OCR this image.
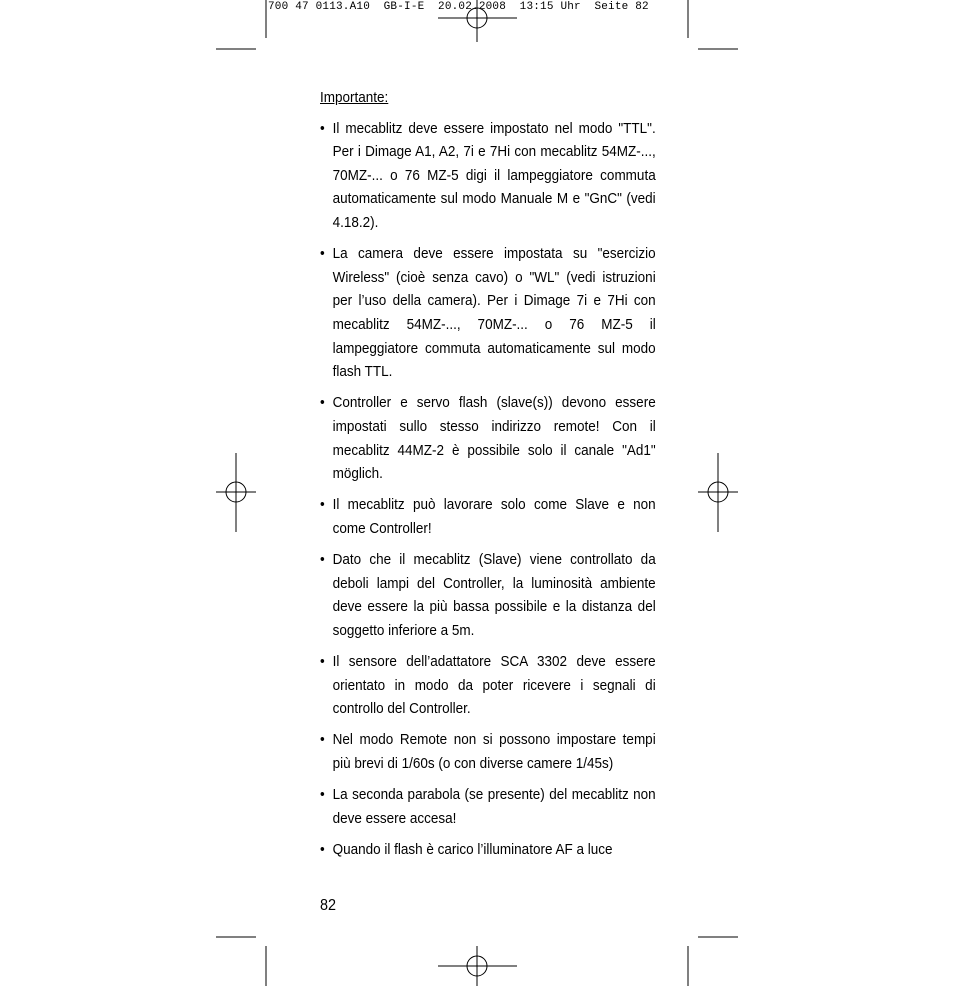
700 47 0113.A10  GB-I-E  20.02.2008  13:15 Uhr  Seite 82
Importante:
• Il mecablitz deve essere impostato nel modo "TTL". Per i Dimage A1, A2, 7i e 7Hi con mecablitz 54MZ-..., 70MZ-... o 76 MZ-5 digi il lampeggiatore commuta automaticamente sul modo Manuale M e "GnC" (vedi 4.18.2).
• La camera deve essere impostata su "esercizio Wireless" (cioè senza cavo) o "WL" (vedi istruzioni per l’uso della camera). Per i Dimage 7i e 7Hi con mecablitz 54MZ-..., 70MZ-... o 76 MZ-5 il lampeggiatore commuta automaticamente sul modo flash TTL.
• Controller e servo flash (slave(s)) devono essere impostati sullo stesso indirizzo remote! Con il mecablitz 44MZ-2 è possibile solo il canale "Ad1" möglich.
• Il mecablitz può lavorare solo come Slave e non come Controller!
• Dato che il mecablitz (Slave) viene controllato da deboli lampi del Controller, la luminosità ambiente deve essere la più bassa possibile e la distanza del soggetto inferiore a 5m.
• Il sensore dell’adattatore SCA 3302 deve essere orientato in modo da poter ricevere i segnali di controllo del Controller.
• Nel modo Remote non si possono impostare tempi più brevi di 1/60s (o con diverse camere 1/45s)
• La seconda parabola (se presente) del mecablitz non deve essere accesa!
• Quando il flash è carico l’illuminatore AF a luce
82
